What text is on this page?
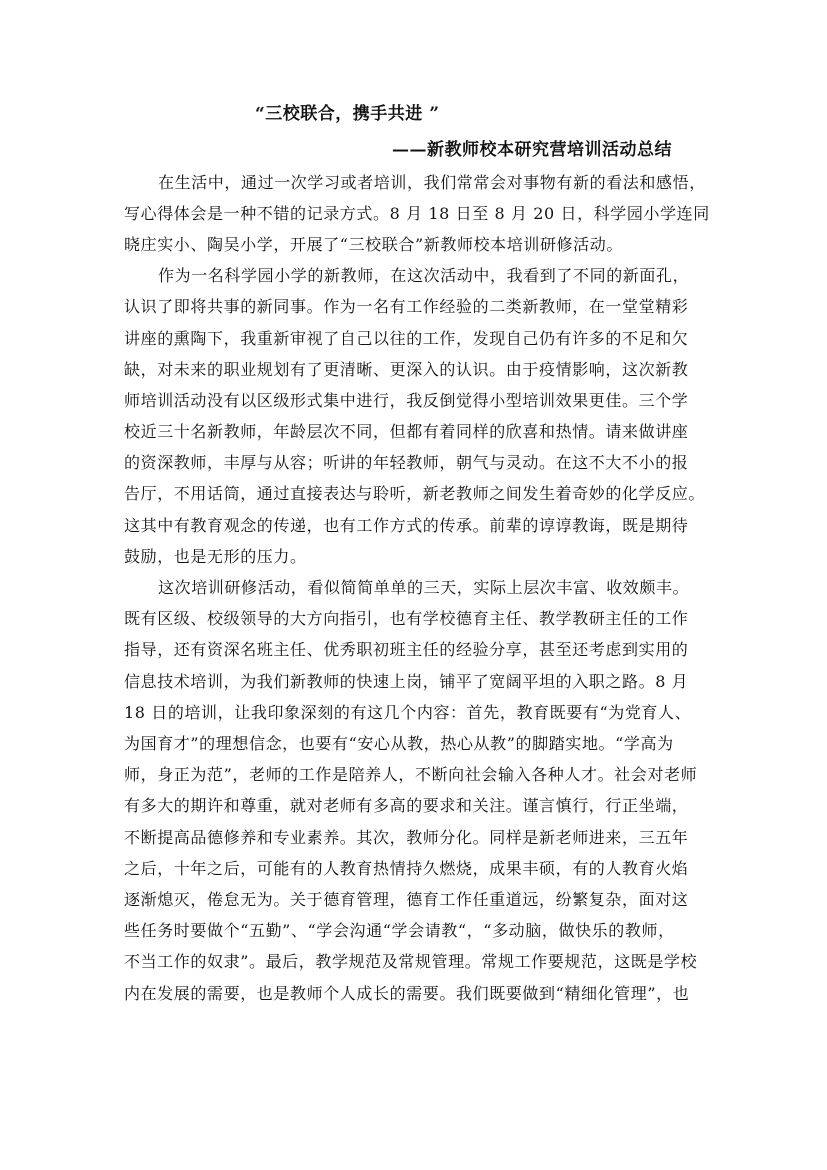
“三校联合，携手共进 ”
——新教师校本研究营培训活动总结
在生活中，通过一次学习或者培训，我们常常会对事物有新的看法和感悟，
写心得体会是一种不错的记录方式。8 月 18 日至 8 月 20 日，科学园小学连同
晓庄实小、陶吴小学，开展了“三校联合”新教师校本培训研修活动。
作为一名科学园小学的新教师，在这次活动中，我看到了不同的新面孔，
认识了即将共事的新同事。作为一名有工作经验的二类新教师，在一堂堂精彩
讲座的熏陶下，我重新审视了自己以往的工作，发现自己仍有许多的不足和欠
缺，对未来的职业规划有了更清晰、更深入的认识。由于疫情影响，这次新教
师培训活动没有以区级形式集中进行，我反倒觉得小型培训效果更佳。三个学
校近三十名新教师，年龄层次不同，但都有着同样的欣喜和热情。请来做讲座
的资深教师，丰厚与从容；听讲的年轻教师，朝气与灵动。在这不大不小的报
告厅，不用话筒，通过直接表达与聆听，新老教师之间发生着奇妙的化学反应。
这其中有教育观念的传递，也有工作方式的传承。前辈的谆谆教诲，既是期待
鼓励，也是无形的压力。
这次培训研修活动，看似简简单单的三天，实际上层次丰富、收效颇丰。
既有区级、校级领导的大方向指引，也有学校德育主任、教学教研主任的工作
指导，还有资深名班主任、优秀职初班主任的经验分享，甚至还考虑到实用的
信息技术培训，为我们新教师的快速上岗，铺平了宽阔平坦的入职之路。8 月
18 日的培训，让我印象深刻的有这几个内容：首先，教育既要有“为党育人、
为国育才”的理想信念，也要有“安心从教，热心从教”的脚踏实地。“学高为
师，身正为范”，老师的工作是陪养人，不断向社会输入各种人才。社会对老师
有多大的期许和尊重，就对老师有多高的要求和关注。谨言慎行，行正坐端，
不断提高品德修养和专业素养。其次，教师分化。同样是新老师进来，三五年
之后，十年之后，可能有的人教育热情持久燃烧，成果丰硕，有的人教育火焰
逐渐熄灭，倦怠无为。关于德育管理，德育工作任重道远，纷繁复杂，面对这
些任务时要做个“五勤”、“学会沟通“学会请教“，“多动脑，做快乐的教师，
不当工作的奴隶”。最后，教学规范及常规管理。常规工作要规范，这既是学校
内在发展的需要，也是教师个人成长的需要。我们既要做到“精细化管理”，也
